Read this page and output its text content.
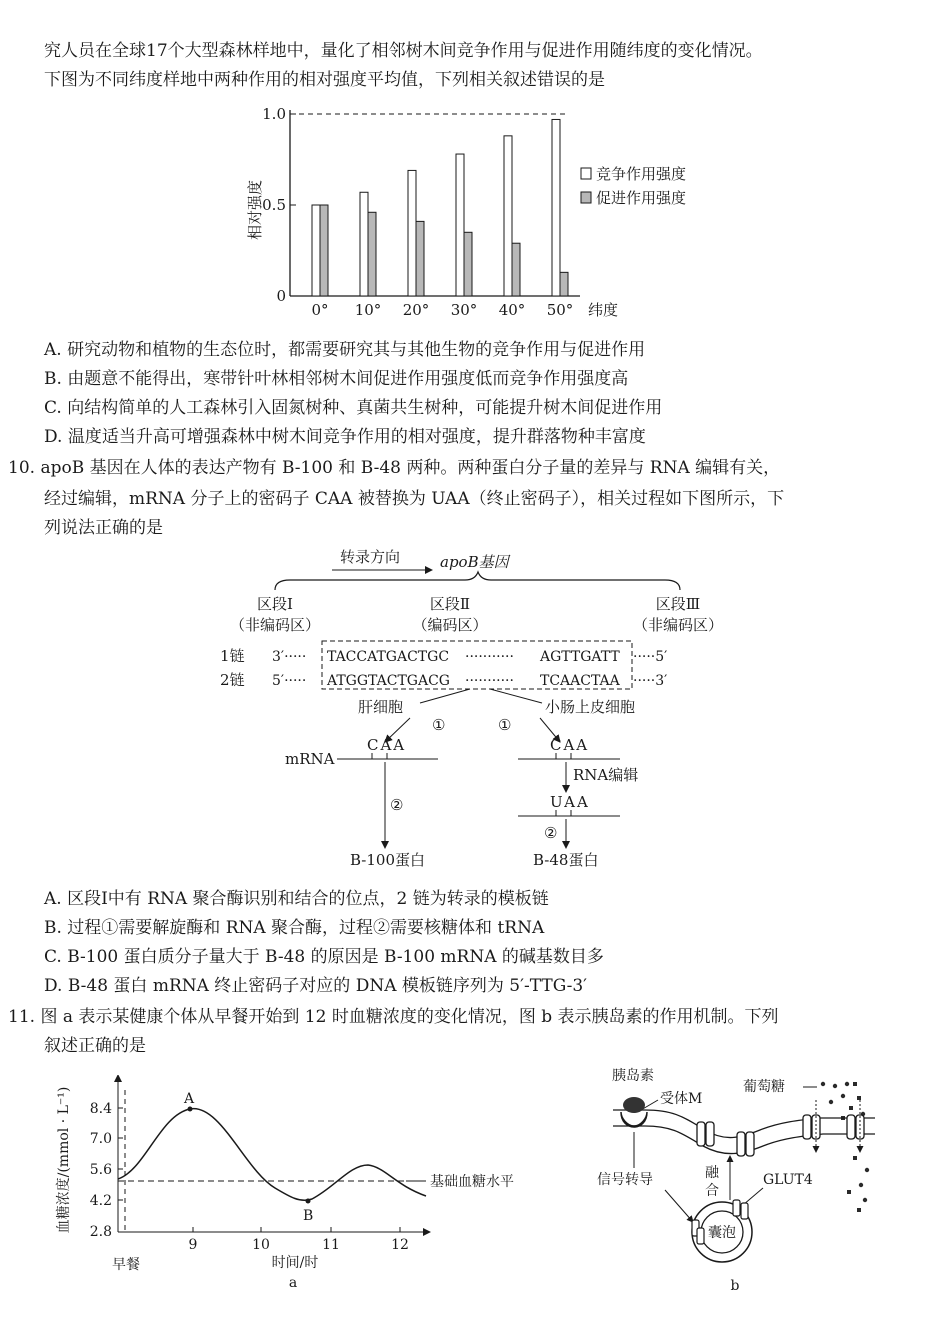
究人员在全球17个大型森林样地中，量化了相邻树木间竞争作用与促进作用随纬度的变化情况。
下图为不同纬度样地中两种作用的相对强度平均值，下列相关叙述错误的是
相对强度
1.0
0.5
0
0° 10° 20° 30° 40° 50° 纬度
竞争作用强度
促进作用强度
A. 研究动物和植物的生态位时，都需要研究其与其他生物的竞争作用与促进作用
B. 由题意不能得出，寒带针叶林相邻树木间促进作用强度低而竞争作用强度高
C. 向结构简单的人工森林引入固氮树种、真菌共生树种，可能提升树木间促进作用
D. 温度适当升高可增强森林中树木间竞争作用的相对强度，提升群落物种丰富度
10. apoB 基因在人体的表达产物有 B-100 和 B-48 两种。两种蛋白分子量的差异与 RNA 编辑有关，
经过编辑，mRNA 分子上的密码子 CAA 被替换为 UAA（终止密码子），相关过程如下图所示，下
列说法正确的是
转录方向	apoB基因
区段Ⅰ
（非编码区）
区段Ⅱ
（编码区）
区段Ⅲ
（非编码区）
1链 3′····· TACCATGACTGC ··········· AGTTGATT ·····5′
2链 5′····· ATGGTACTGACG ··········· TCAACTAA ·····3′
肝细胞	小肠上皮细胞
①	①
CAA
mRNA
②
B-100蛋白
CAA
RNA编辑
UAA
②
B-48蛋白
A. 区段Ⅰ中有 RNA 聚合酶识别和结合的位点，2 链为转录的模板链
B. 过程①需要解旋酶和 RNA 聚合酶，过程②需要核糖体和 tRNA
C. B-100 蛋白质分子量大于 B-48 的原因是 B-100 mRNA 的碱基数目多
D. B-48 蛋白 mRNA 终止密码子对应的 DNA 模板链序列为 5′-TTG-3′
11. 图 a 表示某健康个体从早餐开始到 12 时血糖浓度的变化情况，图 b 表示胰岛素的作用机制。下列
叙述正确的是
血糖浓度/(mmol · L⁻¹) 8.4
7.0
5.6
4.2
2.8
基础血糖水平
A
B
9	10	11	12
早餐	时间/时
a
胰岛素
葡萄糖
受体M
信号转导	融
合
GLUT4
囊泡
b
